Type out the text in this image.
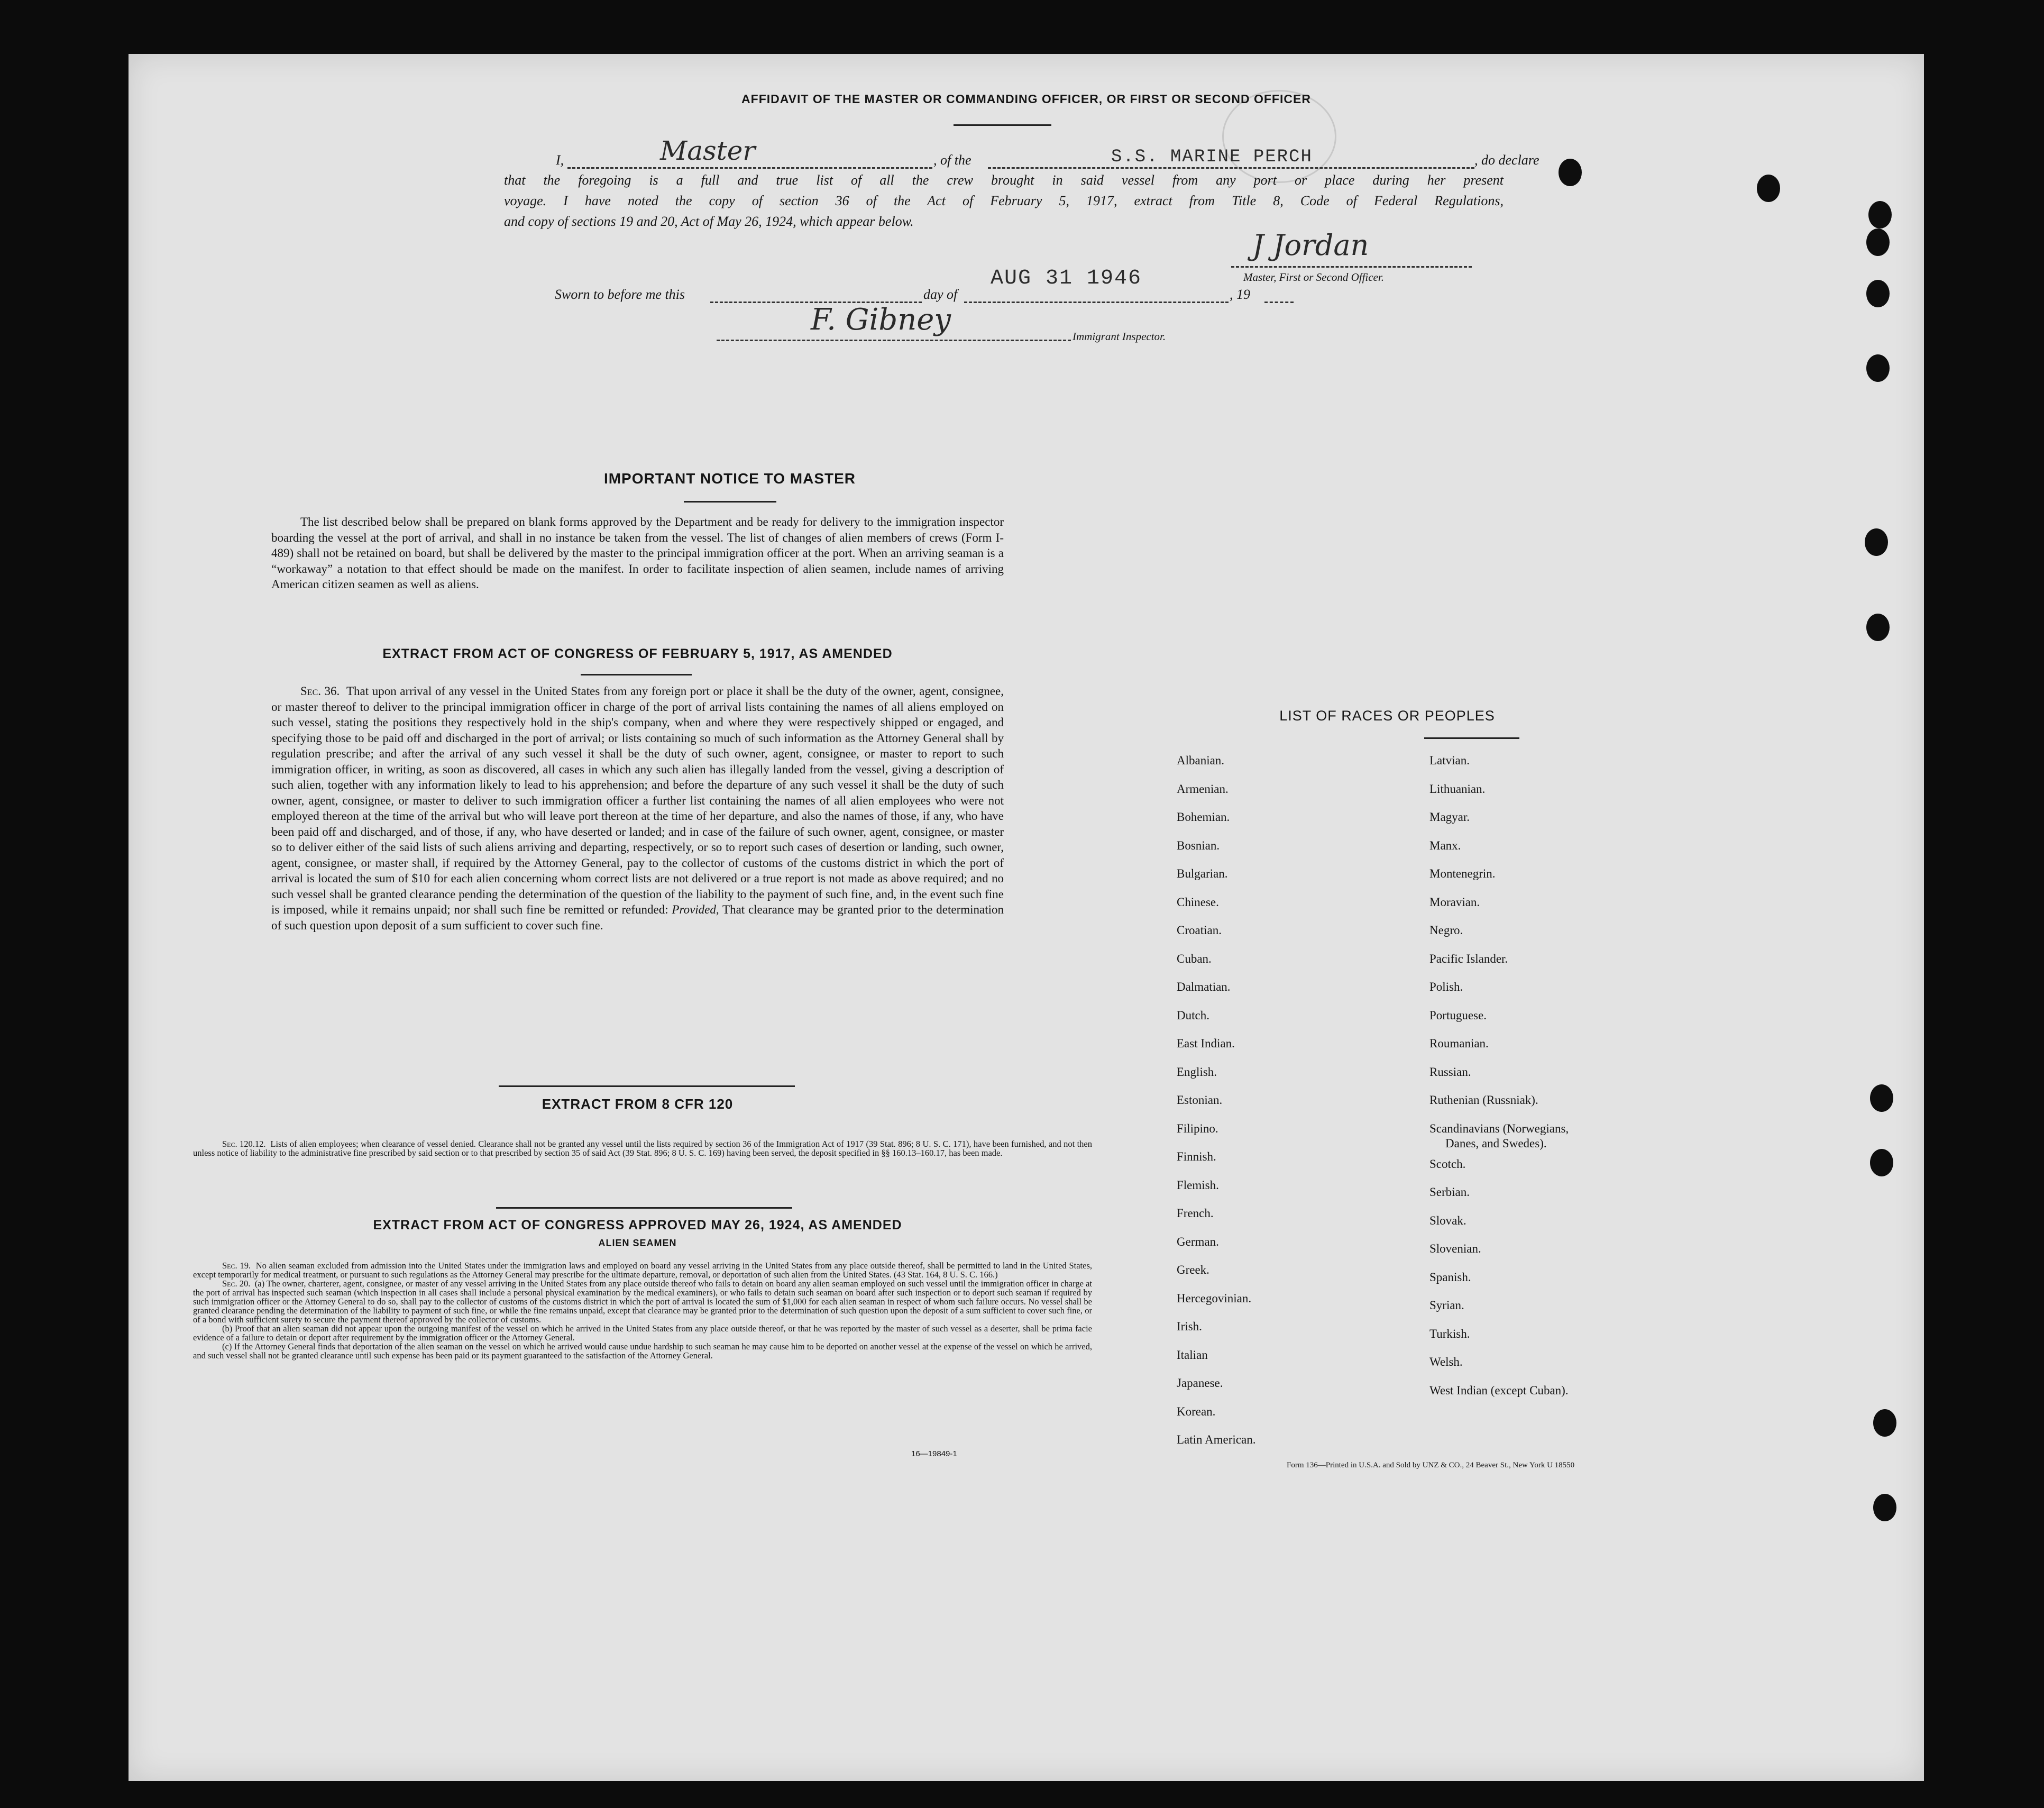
AFFIDAVIT OF THE MASTER OR COMMANDING OFFICER, OR FIRST OR SECOND OFFICER
I,	Master	, of the	S.S. MARINE PERCH	, do declare
that the foregoing is a full and true list of all the crew brought in said vessel from any port or place during her present
voyage. I have noted the copy of section 36 of the Act of February 5, 1917, extract from Title 8, Code of Federal Regulations,
and copy of sections 19 and 20, Act of May 26, 1924, which appear below.
J Jordan
Master, First or Second Officer.
Sworn to before me this	day of
AUG 31 1946
, 19
F. Gibney	Immigrant Inspector.
IMPORTANT NOTICE TO MASTER

The list described below shall be prepared on blank forms approved by the Department and be ready for delivery to the immigration inspector boarding the vessel at the port of arrival, and shall in no instance be taken from the vessel. The list of changes of alien members of crews (Form I-489) shall not be retained on board, but shall be delivered by the master to the principal immigration officer at the port. When an arriving seaman is a “workaway” a notation to that effect should be made on the manifest. In order to facilitate inspection of alien seamen, include names of arriving American citizen seamen as well as aliens.

EXTRACT FROM ACT OF CONGRESS OF FEBRUARY 5, 1917, AS AMENDED

Sec. 36. That upon arrival of any vessel in the United States from any foreign port or place it shall be the duty of the owner, agent, consignee, or master thereof to deliver to the principal immigration officer in charge of the port of arrival lists containing the names of all aliens employed on such vessel, stating the positions they respectively hold in the ship's company, when and where they were respectively shipped or engaged, and specifying those to be paid off and discharged in the port of arrival; or lists containing so much of such information as the Attorney General shall by regulation prescribe; and after the arrival of any such vessel it shall be the duty of such owner, agent, consignee, or master to report to such immigration officer, in writing, as soon as discovered, all cases in which any such alien has illegally landed from the vessel, giving a description of such alien, together with any information likely to lead to his apprehension; and before the departure of any such vessel it shall be the duty of such owner, agent, consignee, or master to deliver to such immigration officer a further list containing the names of all alien employees who were not employed thereon at the time of the arrival but who will leave port thereon at the time of her departure, and also the names of those, if any, who have been paid off and discharged, and of those, if any, who have deserted or landed; and in case of the failure of such owner, agent, consignee, or master so to deliver either of the said lists of such aliens arriving and departing, respectively, or so to report such cases of desertion or landing, such owner, agent, consignee, or master shall, if required by the Attorney General, pay to the collector of customs of the customs district in which the port of arrival is located the sum of $10 for each alien concerning whom correct lists are not delivered or a true report is not made as above required; and no such vessel shall be granted clearance pending the determination of the question of the liability to the payment of such fine, and, in the event such fine is imposed, while it remains unpaid; nor shall such fine be remitted or refunded: Provided, That clearance may be granted prior to the determination of such question upon deposit of a sum sufficient to cover such fine.

EXTRACT FROM 8 CFR 120

Sec. 120.12. Lists of alien employees; when clearance of vessel denied. Clearance shall not be granted any vessel until the lists required by section 36 of the Immigration Act of 1917 (39 Stat. 896; 8 U. S. C. 171), have been furnished, and not then unless notice of liability to the administrative fine prescribed by said section or to that prescribed by section 35 of said Act (39 Stat. 896; 8 U. S. C. 169) having been served, the deposit specified in §§ 160.13–160.17, has been made.

EXTRACT FROM ACT OF CONGRESS APPROVED MAY 26, 1924, AS AMENDED
ALIEN SEAMEN

Sec. 19. No alien seaman excluded from admission into the United States under the immigration laws and employed on board any vessel arriving in the United States from any place outside thereof, shall be permitted to land in the United States, except temporarily for medical treatment, or pursuant to such regulations as the Attorney General may prescribe for the ultimate departure, removal, or deportation of such alien from the United States. (43 Stat. 164, 8 U. S. C. 166.)

Sec. 20. (a) The owner, charterer, agent, consignee, or master of any vessel arriving in the United States from any place outside thereof who fails to detain on board any alien seaman employed on such vessel until the immigration officer in charge at the port of arrival has inspected such seaman (which inspection in all cases shall include a personal physical examination by the medical examiners), or who fails to detain such seaman on board after such inspection or to deport such seaman if required by such immigration officer or the Attorney General to do so, shall pay to the collector of customs of the customs district in which the port of arrival is located the sum of $1,000 for each alien seaman in respect of whom such failure occurs. No vessel shall be granted clearance pending the determination of the liability to payment of such fine, or while the fine remains unpaid, except that clearance may be granted prior to the determination of such question upon the deposit of a sum sufficient to cover such fine, or of a bond with sufficient surety to secure the payment thereof approved by the collector of customs.

(b) Proof that an alien seaman did not appear upon the outgoing manifest of the vessel on which he arrived in the United States from any place outside thereof, or that he was reported by the master of such vessel as a deserter, shall be prima facie evidence of a failure to detain or deport after requirement by the immigration officer or the Attorney General.

(c) If the Attorney General finds that deportation of the alien seaman on the vessel on which he arrived would cause undue hardship to such seaman he may cause him to be deported on another vessel at the expense of the vessel on which he arrived, and such vessel shall not be granted clearance until such expense has been paid or its payment guaranteed to the satisfaction of the Attorney General.

16—19849-1
LIST OF RACES OR PEOPLES
Albanian.
Armenian.
Bohemian.
Bosnian.
Bulgarian.
Chinese.
Croatian.
Cuban.
Dalmatian.
Dutch.
East Indian.
English.
Estonian.
Filipino.
Finnish.
Flemish.
French.
German.
Greek.
Hercegovinian.
Irish.
Italian
Japanese.
Korean.
Latin American.
Latvian.
Lithuanian.
Magyar.
Manx.
Montenegrin.
Moravian.
Negro.
Pacific Islander.
Polish.
Portuguese.
Roumanian.
Russian.
Ruthenian (Russniak).
Scandinavians (Norwegians,
Danes, and Swedes).
Scotch.
Serbian.
Slovak.
Slovenian.
Spanish.
Syrian.
Turkish.
Welsh.
West Indian (except Cuban).
Form 136—Printed in U.S.A. and Sold by UNZ & CO., 24 Beaver St., New York U 18550
